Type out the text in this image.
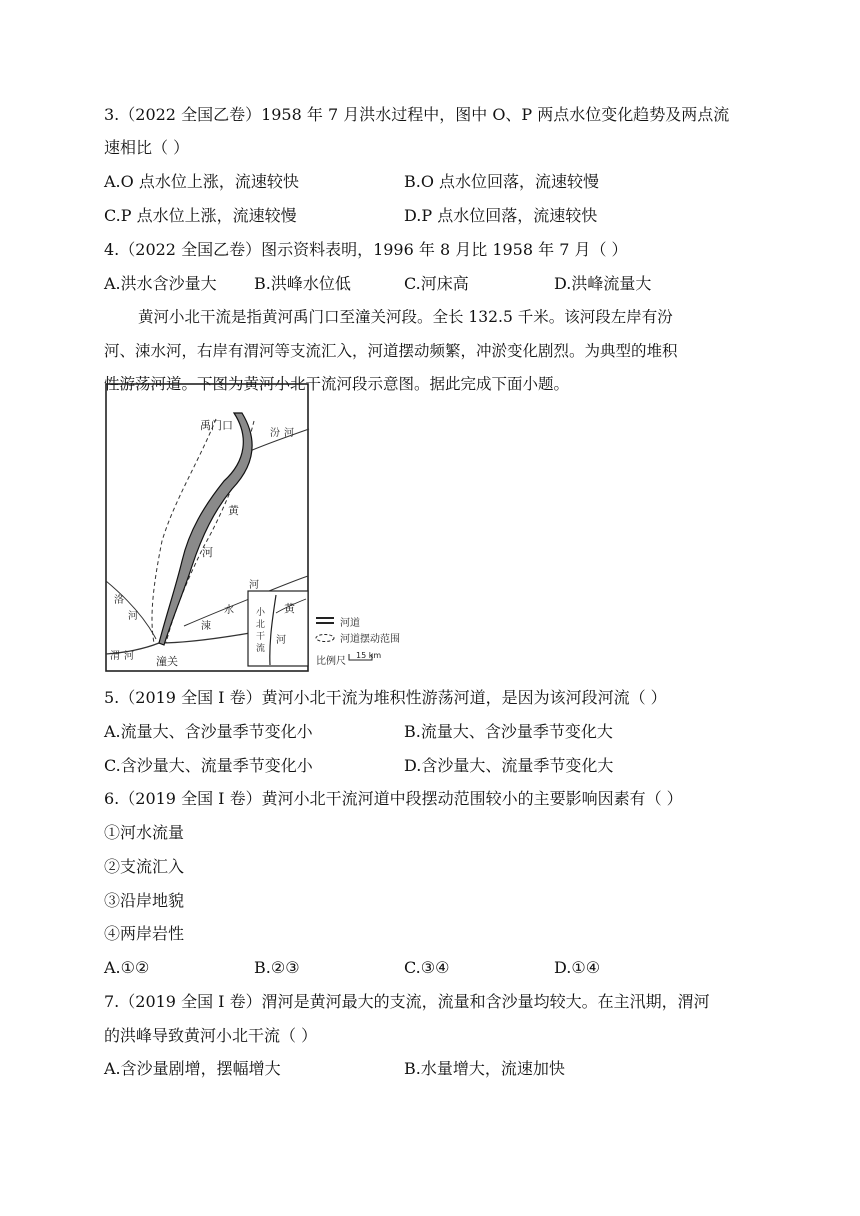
3.（2022 全国乙卷）1958 年 7 月洪水过程中，图中 O、P 两点水位变化趋势及两点流
速相比（ ）
A.O 点水位上涨，流速较快	B.O 点水位回落，流速较慢
C.P 点水位上涨，流速较慢	D.P 点水位回落，流速较快
4.（2022 全国乙卷）图示资料表明，1996 年 8 月比 1958 年 7 月（ ）
A.洪水含沙量大 B.洪峰水位低	C.河床高	D.洪峰流量大
黄河小北干流是指黄河禹门口至潼关河段。全长 132.5 千米。该河段左岸有汾
河、涑水河，右岸有渭河等支流汇入，河道摆动频繁，冲淤变化剧烈。为典型的堆积
性游荡河道。下图为黄河小北干流河段示意图。据此完成下面小题。
禹门口
汾 河
黄
河
涑
水
河
洛
河
渭 河 潼关
黄
小
北
干
流
河
河道
河道摆动范围
比例尺
15 km
5.（2019 全国 I 卷）黄河小北干流为堆积性游荡河道，是因为该河段河流（ ）
A.流量大、含沙量季节变化小	B.流量大、含沙量季节变化大
C.含沙量大、流量季节变化小	D.含沙量大、流量季节变化大
6.（2019 全国 I 卷）黄河小北干流河道中段摆动范围较小的主要影响因素有（ ）
①河水流量
②支流汇入
③沿岸地貌
④两岸岩性
A.①②	B.②③	C.③④	D.①④
7.（2019 全国 I 卷）渭河是黄河最大的支流，流量和含沙量均较大。在主汛期，渭河
的洪峰导致黄河小北干流（ ）
A.含沙量剧增，摆幅增大	B.水量增大，流速加快
